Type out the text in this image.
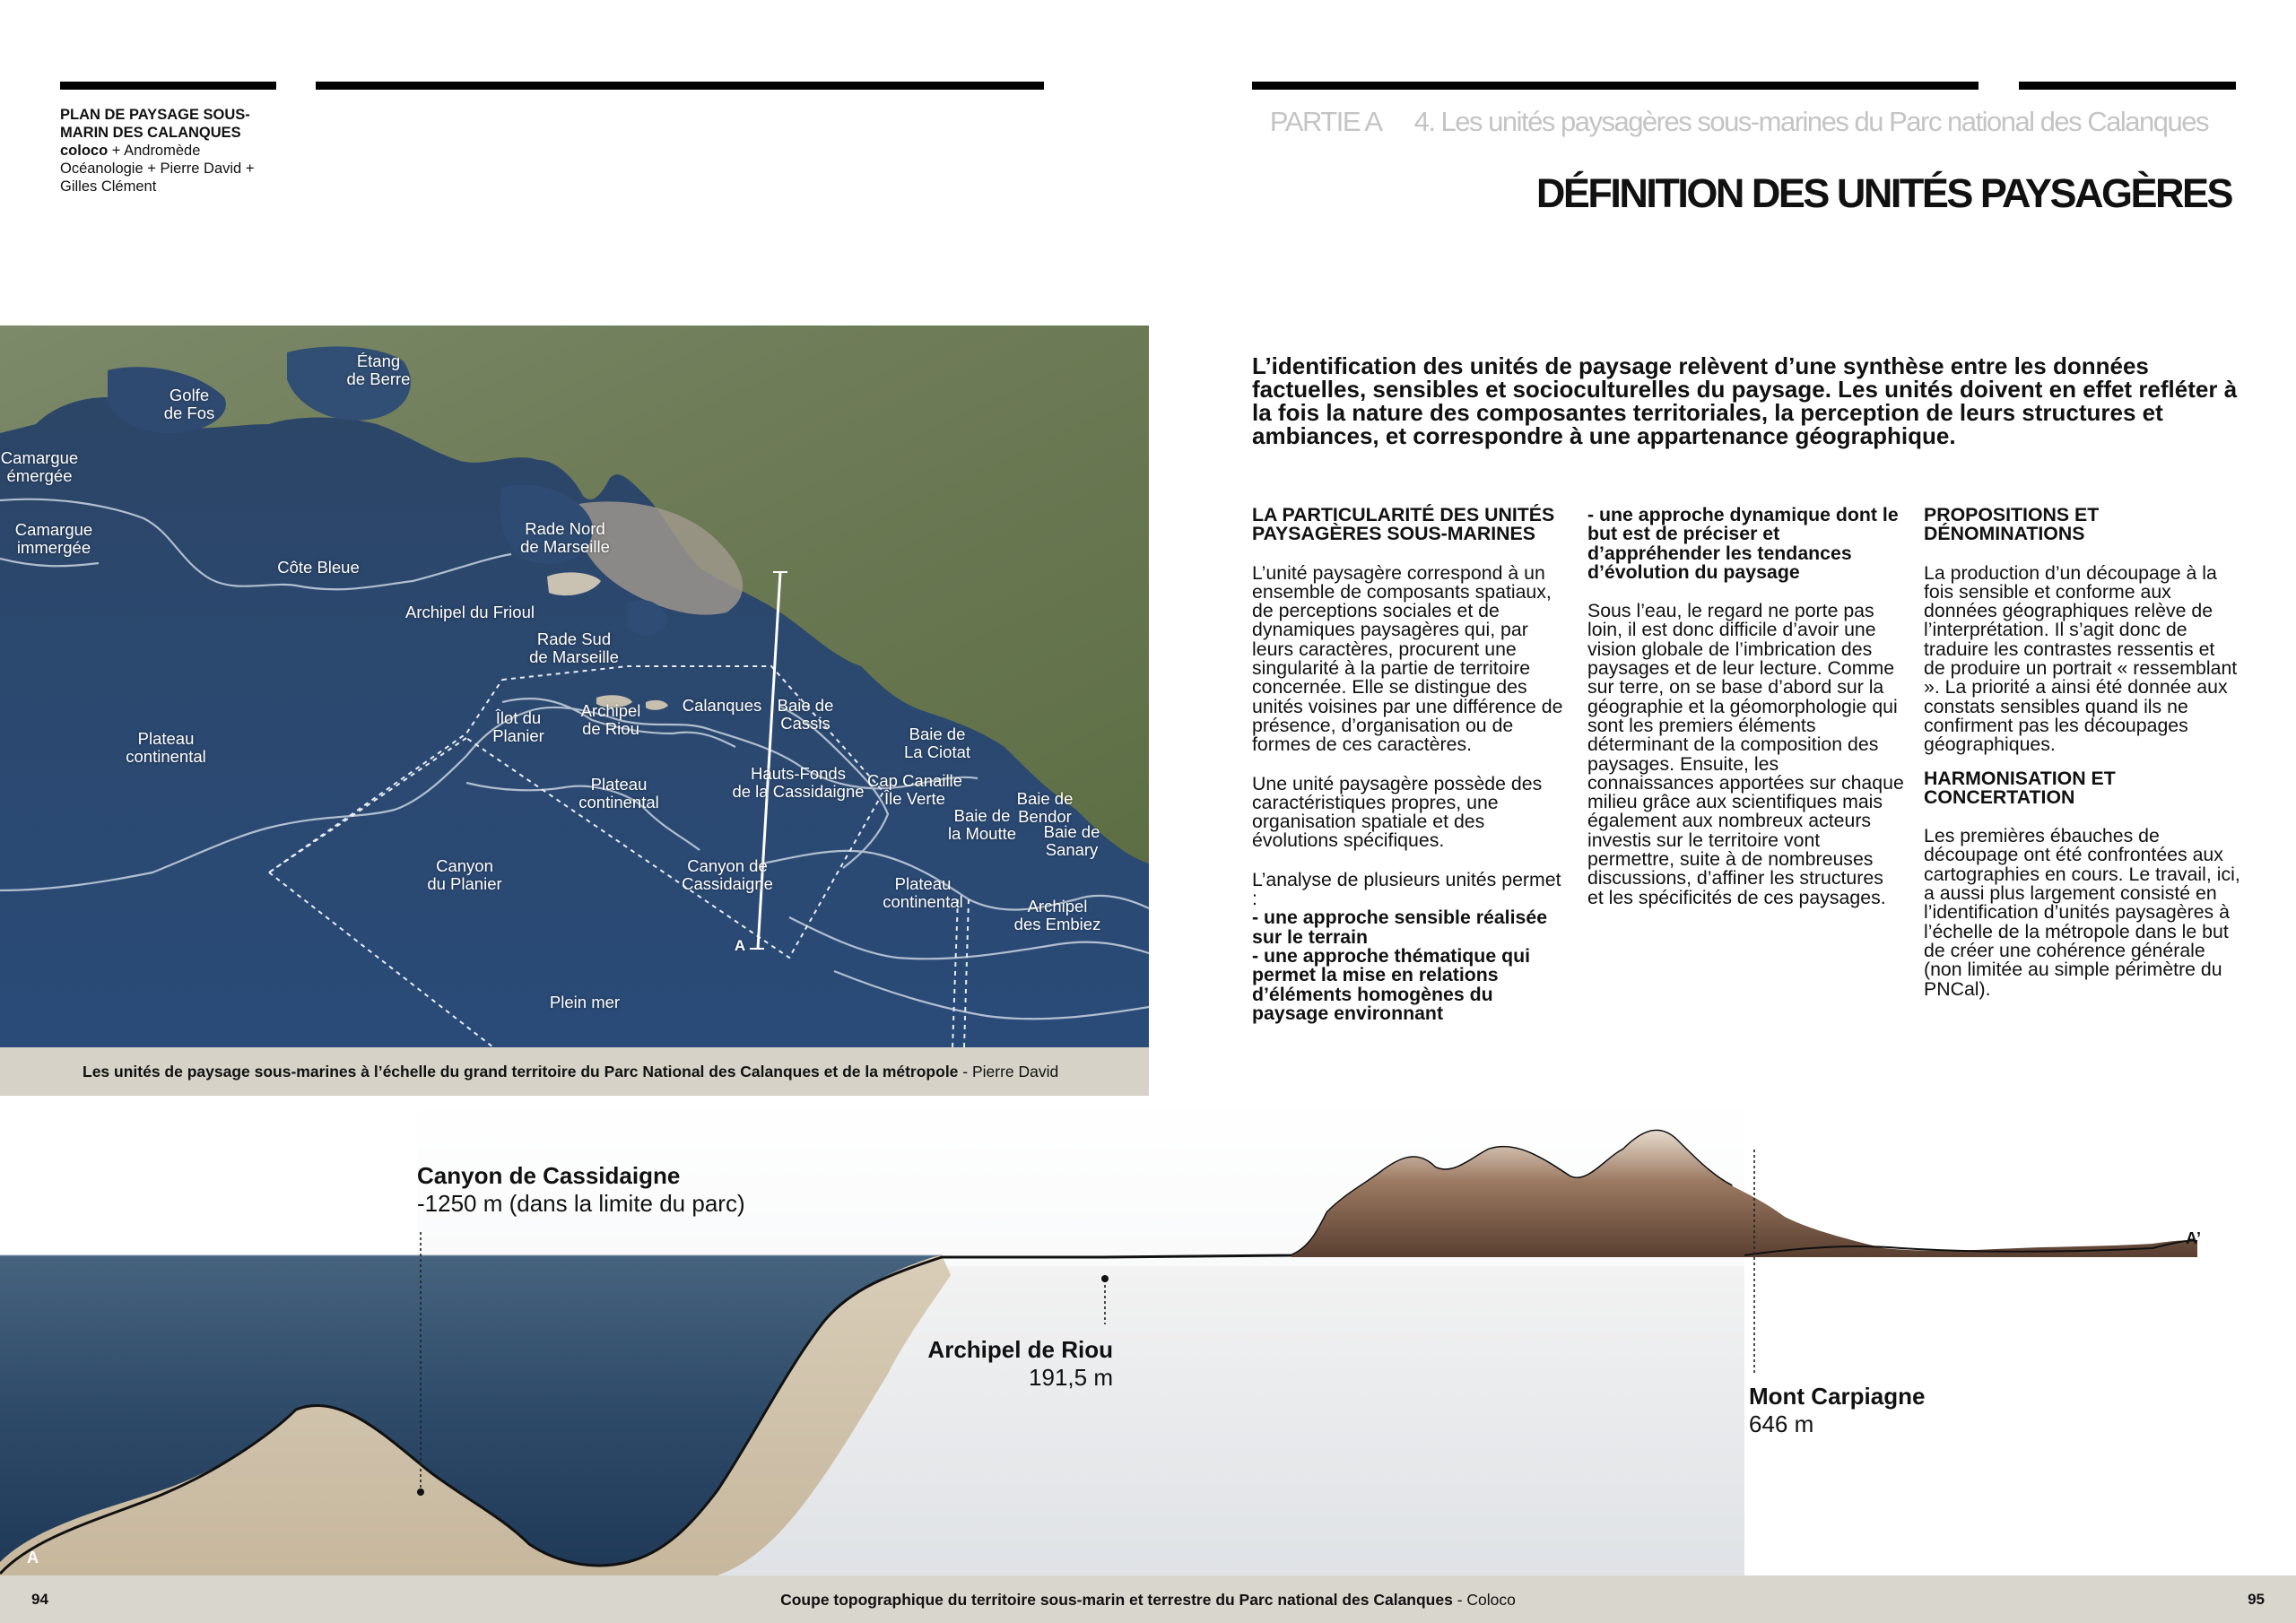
PLAN DE PAYSAGE SOUS-
MARIN DES CALANQUES
coloco + Andromède
Océanologie + Pierre David +
Gilles Clément
PARTIE A 4. Les unités paysagères sous-marines du Parc national des Calanques
DÉFINITION DES UNITÉS PAYSAGÈRES
L’identification des unités de paysage relèvent d’une synthèse entre les données factuelles, sensibles et socioculturelles du paysage. Les unités doivent en effet refléter à la fois la nature des composantes territoriales, la perception de leurs structures et ambiances, et correspondre à une appartenance géographique.
LA PARTICULARITÉ DES UNITÉS PAYSAGÈRES SOUS-MARINES

L’unité paysagère correspond à un ensemble de composants spatiaux, de perceptions sociales et de dynamiques paysagères qui, par leurs caractères, procurent une singularité à la partie de territoire concernée. Elle se distingue des unités voisines par une différence de présence, d’organisation ou de formes de ces caractères.

Une unité paysagère possède des caractéristiques propres, une organisation spatiale et des évolutions spécifiques.

L’analyse de plusieurs unités permet :
- une approche sensible réalisée sur le terrain
- une approche thématique qui permet la mise en relations d’éléments homogènes du paysage environnant
- une approche dynamique dont le but est de préciser et d’appréhender les tendances d’évolution du paysage

Sous l’eau, le regard ne porte pas loin, il est donc difficile d’avoir une vision globale de l’imbrication des paysages et de leur lecture. Comme sur terre, on se base d’abord sur la géographie et la géomorphologie qui sont les premiers éléments déterminant de la composition des paysages. Ensuite, les connaissances apportées sur chaque milieu grâce aux scientifiques mais également aux nombreux acteurs investis sur le territoire vont permettre, suite à de nombreuses discussions, d’affiner les structures et les spécificités de ces paysages.

PROPOSITIONS ET DÉNOMINATIONS

La production d’un découpage à la fois sensible et conforme aux données géographiques relève de l’interprétation. Il s’agit donc de traduire les contrastes ressentis et de produire un portrait « ressemblant ». La priorité a ainsi été donnée aux constats sensibles quand ils ne confirment pas les découpages géographiques.

HARMONISATION ET CONCERTATION

Les premières ébauches de découpage ont été confrontées aux cartographies en cours. Le travail, ici, a aussi plus largement consisté en l’identification d’unités paysagères à l’échelle de la métropole dans le but de créer une cohérence générale (non limitée au simple périmètre du PNCal).

Étang
de Berre
Golfe
de Fos
Camargue
émergée
Camargue
immergée
Côte Bleue
Rade Nord
de Marseille
Archipel du Frioul
Rade Sud
de Marseille
Îlot du
Planier
Archipel
de Riou
Calanques Baie de
Cassis
Baie de
La Ciotat
Plateau
continental
Plateau
continental
Hauts-Fonds
de la Cassidaigne
Cap Canaille
Île Verte	Baie de
Bendor
Baie de
la Moutte Baie de
Sanary
Canyon
du Planier
Canyon de
Cassidaigne	Plateau
continental	Archipel
des Embiez
Plein mer
A
Les unités de paysage sous-marines à l’échelle du grand territoire du Parc National des Calanques et de la métropole - Pierre David
Canyon de Cassidaigne
-1250 m (dans la limite du parc)
Archipel de Riou
191,5 m
Mont Carpiagne
646 m
A
A’
Coupe topographique du territoire sous-marin et terrestre du Parc national des Calanques - Coloco
94	95
